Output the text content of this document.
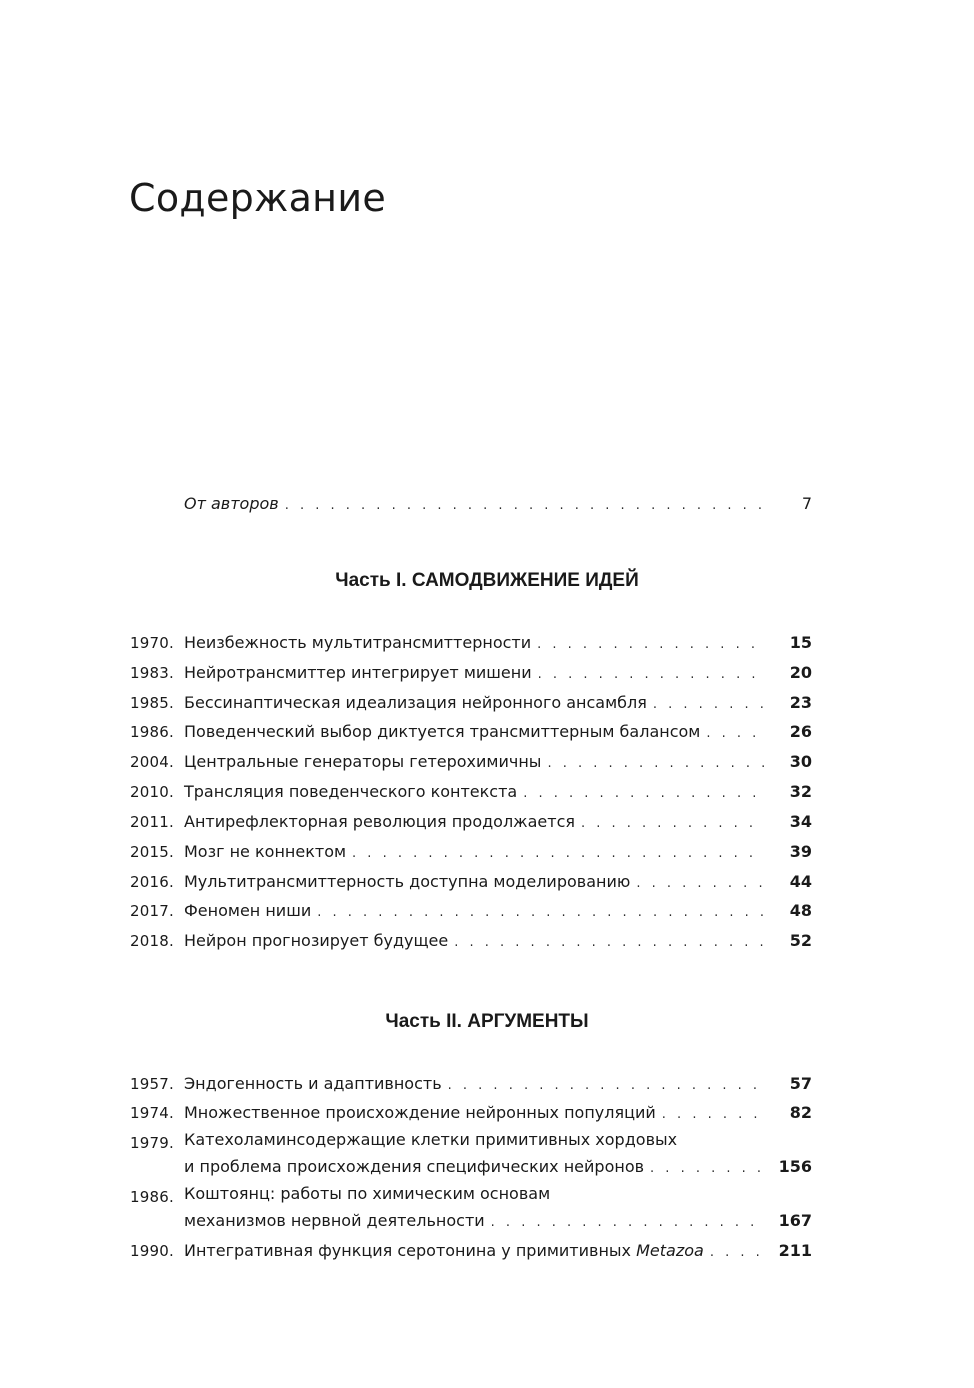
Содержание
От авторов . . .	7
Часть I. САМОДВИЖЕНИЕ ИДЕЙ
1970. Неизбежность мультитрансмиттерности . . .	15
1983. Нейротрансмиттер интегрирует мишени . . .	20
1985. Бессинаптическая идеализация нейронного ансамбля . . .	23
1986. Поведенческий выбор диктуется трансмиттерным балансом . . .	26
2004. Центральные генераторы гетерохимичны . . .	30
2010. Трансляция поведенческого контекста . . .	32
2011. Антирефлекторная революция продолжается . . .	34
2015. Мозг не коннектом . . .	39
2016. Мультитрансмиттерность доступна моделированию . . .	44
2017. Феномен ниши . . .	48
2018. Нейрон прогнозирует будущее . . .	52
Часть II. АРГУМЕНТЫ
1957. Эндогенность и адаптивность . . .	57
1974. Множественное происхождение нейронных популяций . . .	82
1979. Катехоламинсодержащие клетки примитивных хордовых
и проблема происхождения специфических нейронов . . .	156
1986. Коштоянц: работы по химическим основам
механизмов нервной деятельности . . .	167
1990. Интегративная функция серотонина у примитивных Metazoa . . .	211
